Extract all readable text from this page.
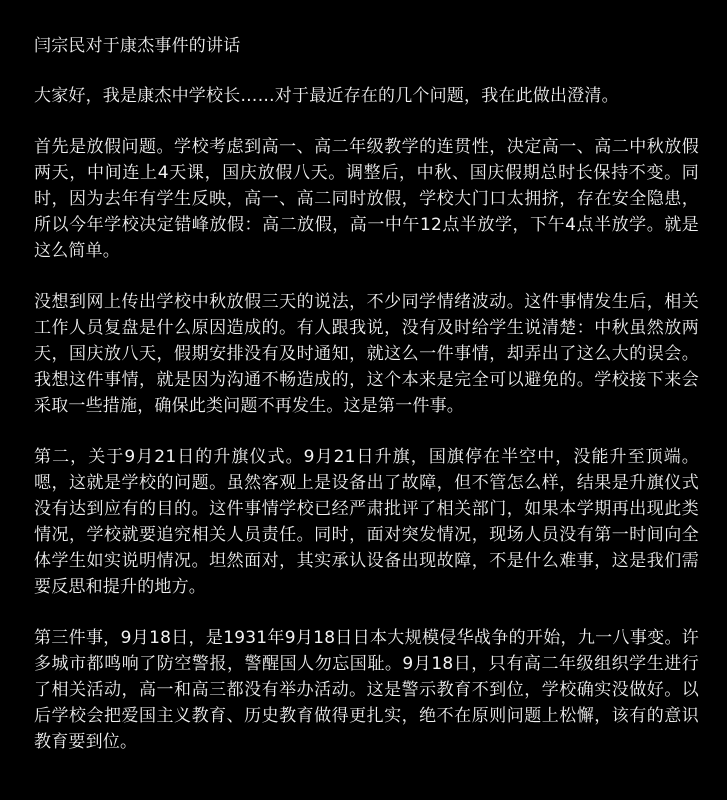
闫宗民对于康杰事件的讲话

大家好，我是康杰中学校长……对于最近存在的几个问题，我在此做出澄清。

首先是放假问题。学校考虑到高一、高二年级教学的连贯性，决定高一、高二中秋放假两天，中间连上4天课，国庆放假八天。调整后，中秋、国庆假期总时长保持不变。同时，因为去年有学生反映，高一、高二同时放假，学校大门口太拥挤，存在安全隐患，所以今年学校决定错峰放假：高二放假，高一中午12点半放学，下午4点半放学。就是这么简单。

没想到网上传出学校中秋放假三天的说法，不少同学情绪波动。这件事情发生后，相关工作人员复盘是什么原因造成的。有人跟我说，没有及时给学生说清楚：中秋虽然放两天，国庆放八天，假期安排没有及时通知，就这么一件事情，却弄出了这么大的误会。我想这件事情，就是因为沟通不畅造成的，这个本来是完全可以避免的。学校接下来会采取一些措施，确保此类问题不再发生。这是第一件事。

第二，关于9月21日的升旗仪式。9月21日升旗，国旗停在半空中，没能升至顶端。嗯，这就是学校的问题。虽然客观上是设备出了故障，但不管怎么样，结果是升旗仪式没有达到应有的目的。这件事情学校已经严肃批评了相关部门，如果本学期再出现此类情况，学校就要追究相关人员责任。同时，面对突发情况，现场人员没有第一时间向全体学生如实说明情况。坦然面对，其实承认设备出现故障，不是什么难事，这是我们需要反思和提升的地方。

第三件事，9月18日，是1931年9月18日日本大规模侵华战争的开始，九一八事变。许多城市都鸣响了防空警报，警醒国人勿忘国耻。9月18日，只有高二年级组织学生进行了相关活动，高一和高三都没有举办活动。这是警示教育不到位，学校确实没做好。以后学校会把爱国主义教育、历史教育做得更扎实，绝不在原则问题上松懈，该有的意识教育要到位。
